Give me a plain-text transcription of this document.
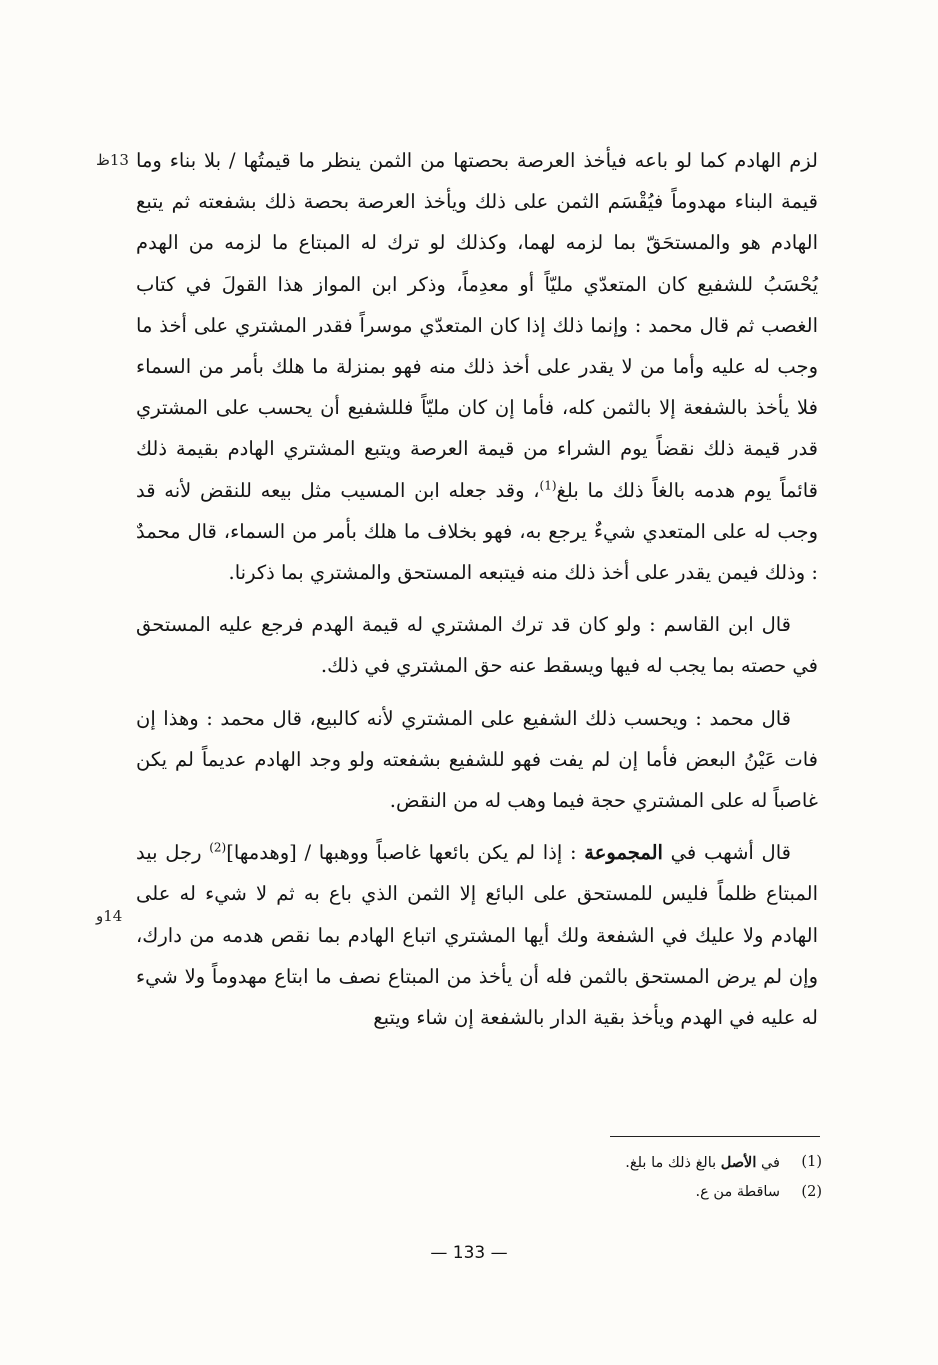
13ظ
14و

لزم الهادم كما لو باعه فيأخذ العرصة بحصتها من الثمن ينظر ما قيمتُها / بلا بناء وما قيمة البناء مهدوماً فيُقْسَم الثمن على ذلك ويأخذ العرصة بحصة ذلك بشفعته ثم يتبع الهادم هو والمستحَقّ بما لزمه لهما، وكذلك لو ترك له المبتاع ما لزمه من الهدم يُحْسَبُ للشفيع كان المتعدّي مليّاً أو معدِماً، وذكر ابن المواز هذا القولَ في كتاب الغصب ثم قال محمد : وإنما ذلك إذا كان المتعدّي موسراً فقدر المشتري على أخذ ما وجب له عليه وأما من لا يقدر على أخذ ذلك منه فهو بمنزلة ما هلك بأمر من السماء فلا يأخذ بالشفعة إلا بالثمن كله، فأما إن كان مليّاً فللشفيع أن يحسب على المشتري قدر قيمة ذلك نقضاً يوم الشراء من قيمة العرصة ويتبع المشتري الهادم بقيمة ذلك قائماً يوم هدمه بالغاً ذلك ما بلغ$^{(1)}$، وقد جعله ابن المسيب مثل بيعه للنقض لأنه قد وجب له على المتعدي شيءٌ يرجع به، فهو بخلاف ما هلك بأمر من السماء، قال محمدٌ : وذلك فيمن يقدر على أخذ ذلك منه فيتبعه المستحق والمشتري بما ذكرنا.

قال ابن القاسم : ولو كان قد ترك المشتري له قيمة الهدم فرجع عليه المستحق في حصته بما يجب له فيها ويسقط عنه حق المشتري في ذلك.

قال محمد : ويحسب ذلك الشفيع على المشتري لأنه كالبيع، قال محمد : وهذا إن فات عَيْنُ البعض فأما إن لم يفت فهو للشفيع بشفعته ولو وجد الهادم عديماً لم يكن غاصباً له على المشتري حجة فيما وهب له من النقض.

قال أشهب في المجموعة : إذا لم يكن بائعها غاصباً ووهبها / [وهدمها]$^{(2)}$ رجل بيد المبتاع ظلماً فليس للمستحق على البائع إلا الثمن الذي باع به ثم لا شيء له على الهادم ولا عليك في الشفعة ولك أيها المشتري اتباع الهادم بما نقص هدمه من دارك، وإن لم يرض المستحق بالثمن فله أن يأخذ من المبتاع نصف ما ابتاع مهدوماً ولا شيء له عليه في الهدم ويأخذ بقية الدار بالشفعة إن شاء ويتبع

(1)
في الأصل بالغ ذلك ما بلغ.
(2)
ساقطة من ع.
— 133 —
